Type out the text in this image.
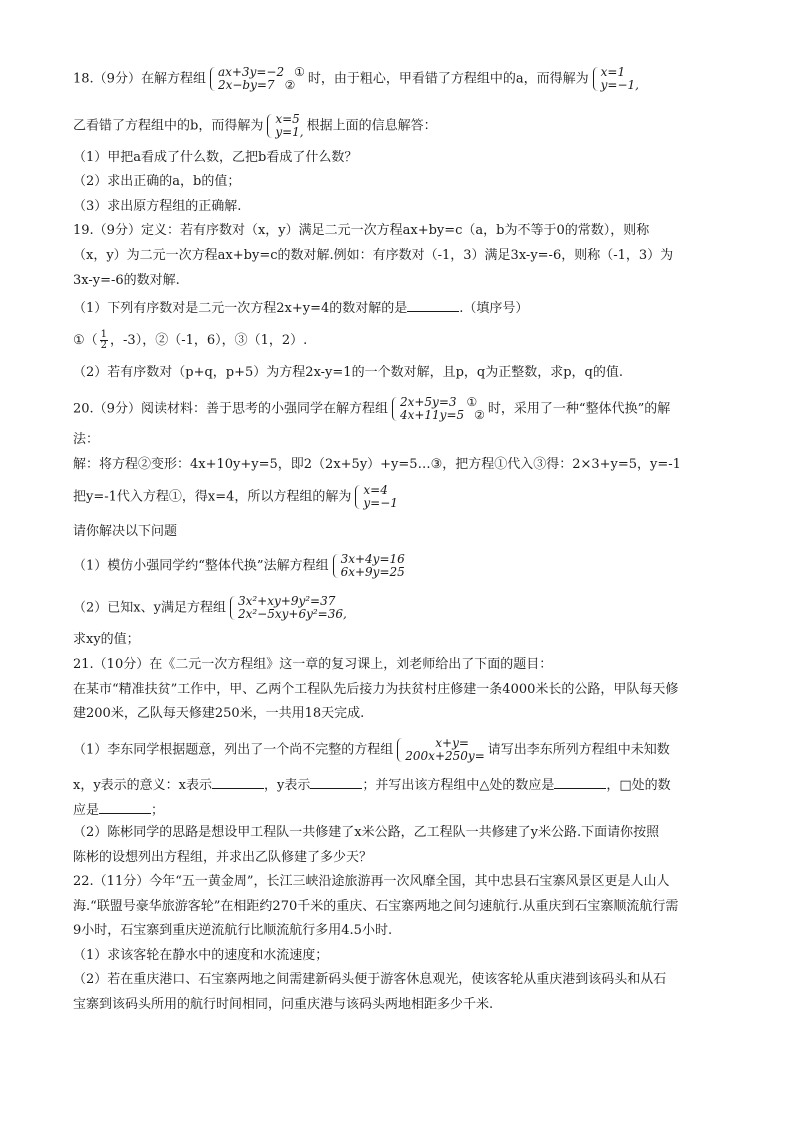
18.（9分）在解方程组 ax+3y=−2 ①
2x−by=7 ② 时，由于粗心，甲看错了方程组中的a，而得解为 x=1
y=−1,
乙看错了方程组中的b，而得解为 x=5
y=1, 根据上面的信息解答：
（1）甲把a看成了什么数，乙把b看成了什么数？
（2）求出正确的a，b的值；
（3）求出原方程组的正确解.
19.（9分）定义：若有序数对（x，y）满足二元一次方程ax+by=c（a，b为不等于0的常数），则称
（x，y）为二元一次方程ax+by=c的数对解.例如：有序数对（-1，3）满足3x-y=-6，则称（-1，3）为
3x-y=-6的数对解.
（1）下列有序数对是二元一次方程2x+y=4的数对解的是	.（填序号）
①（ $\frac{1}{2}$ ，-3），②（-1，6），③（1，2）.
（2）若有序数对（p+q，p+5）为方程2x-y=1的一个数对解，且p，q为正整数，求p，q的值.
20.（9分）阅读材料：善于思考的小强同学在解方程组 2x+5y=3 ①
4x+11y=5 ② 时，采用了一种“整体代换”的解
法：
解：将方程②变形：4x+10y+y=5，即2（2x+5y）+y=5…③，把方程①代入③得：2×3+y=5，y=-1
把y=-1代入方程①，得x=4，所以方程组的解为 x=4
y=−1
请你解决以下问题
（1）模仿小强同学约“整体代换”法解方程组 3x+4y=16
6x+9y=25
（2）已知x、y满足方程组 3x²+xy+9y²=37
2x²−5xy+6y²=36,
求xy的值；
21.（10分）在《二元一次方程组》这一章的复习课上，刘老师给出了下面的题目：
在某市“精准扶贫”工作中，甲、乙两个工程队先后接力为扶贫村庄修建一条4000米长的公路，甲队每天修
建200米，乙队每天修建250米，一共用18天完成.
（1）李东同学根据题意，列出了一个尚不完整的方程组	x+y=
200x+250y= 请写出李东所列方程组中未知数
x，y表示的意义：x表示	，y表示	；并写出该方程组中△处的数应是	，□处的数
应是	；
（2）陈彬同学的思路是想设甲工程队一共修建了x米公路，乙工程队一共修建了y米公路.下面请你按照
陈彬的设想列出方程组，并求出乙队修建了多少天？
22.（11分）今年“五一黄金周”，长江三峡沿途旅游再一次风靡全国，其中忠县石宝寨风景区更是人山人
海.“联盟号豪华旅游客轮”在相距约270千米的重庆、石宝寨两地之间匀速航行.从重庆到石宝寨顺流航行需
9小时，石宝寨到重庆逆流航行比顺流航行多用4.5小时.
（1）求该客轮在静水中的速度和水流速度；
（2）若在重庆港口、石宝寨两地之间需建新码头便于游客休息观光，使该客轮从重庆港到该码头和从石
宝寨到该码头所用的航行时间相同，问重庆港与该码头两地相距多少千米.
